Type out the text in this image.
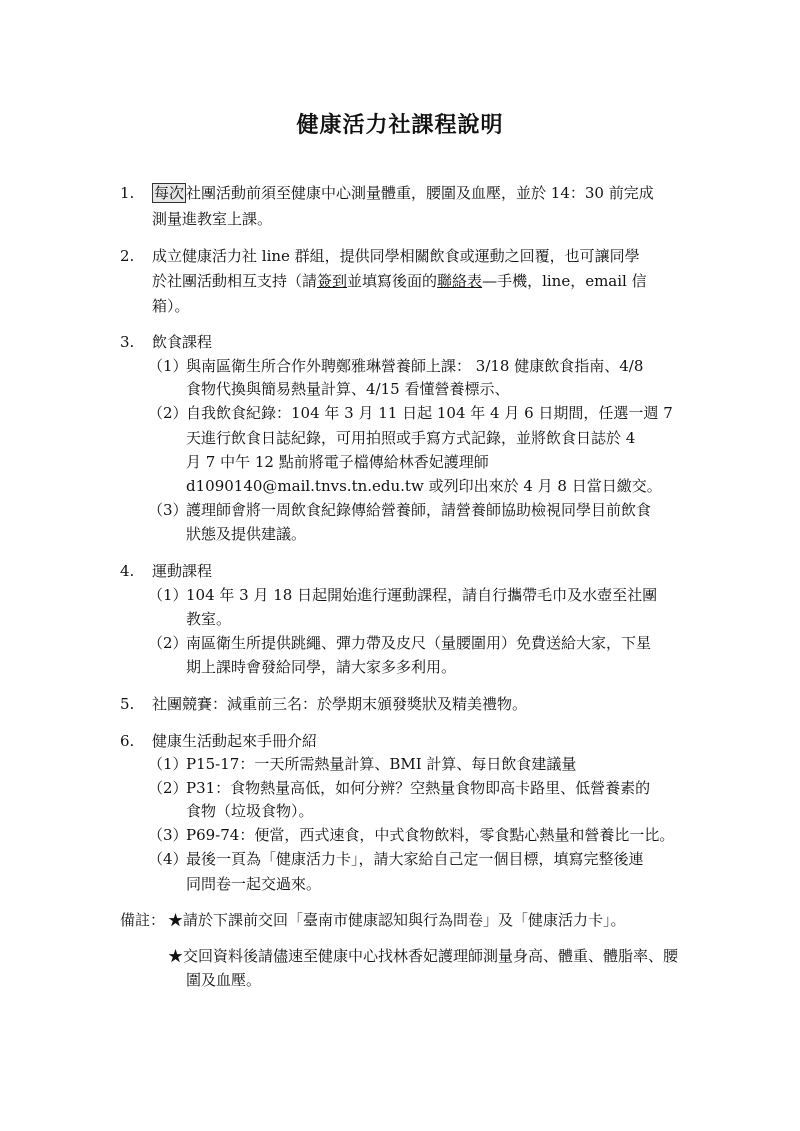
健康活力社課程說明
1. 每次 社團活動前須至健康中心測量體重，腰圍及血壓，並於 14：30 前完成
測量進教室上課。
2. 成立健康活力社 line 群組，提供同學相關飲食或運動之回覆，也可讓同學
於社團活動相互支持（請簽到並填寫後面的聯絡表—手機，line，email 信
箱）。
3. 飲食課程
（1）
與南區衛生所合作外聘鄭雅琳營養師上課： 3/18 健康飲食指南、4/8
食物代換與簡易熱量計算、4/15 看懂營養標示、
（2）
自我飲食紀錄：104 年 3 月 11 日起 104 年 4 月 6 日期間，任選一週 7
天進行飲食日誌紀錄，可用拍照或手寫方式記錄，並將飲食日誌於 4
月 7 中午 12 點前將電子檔傳給林香妃護理師
d1090140@mail.tnvs.tn.edu.tw 或列印出來於 4 月 8 日當日繳交。
（3）
護理師會將一周飲食紀錄傳給營養師，請營養師協助檢視同學目前飲食
狀態及提供建議。
4. 運動課程
（1）
104 年 3 月 18 日起開始進行運動課程，請自行攜帶毛巾及水壺至社團
教室。
（2）
南區衛生所提供跳繩、彈力帶及皮尺（量腰圍用）免費送給大家，下星
期上課時會發給同學，請大家多多利用。
5. 社團競賽：減重前三名：於學期末頒發獎狀及精美禮物。
6. 健康生活動起來手冊介紹
（1）
P15-17：一天所需熱量計算、BMI 計算、每日飲食建議量
（2）
P31：食物熱量高低，如何分辨？空熱量食物即高卡路里、低營養素的
食物（垃圾食物）。
（3）
P69-74：便當，西式速食，中式食物飲料，零食點心熱量和營養比一比。
（4）
最後一頁為「健康活力卡」，請大家給自己定一個目標，填寫完整後連
同問卷一起交過來。
備註： ★請於下課前交回「臺南市健康認知與行為問卷」及「健康活力卡」。
★交回資料後請儘速至健康中心找林香妃護理師測量身高、體重、體脂率、腰
圍及血壓。
